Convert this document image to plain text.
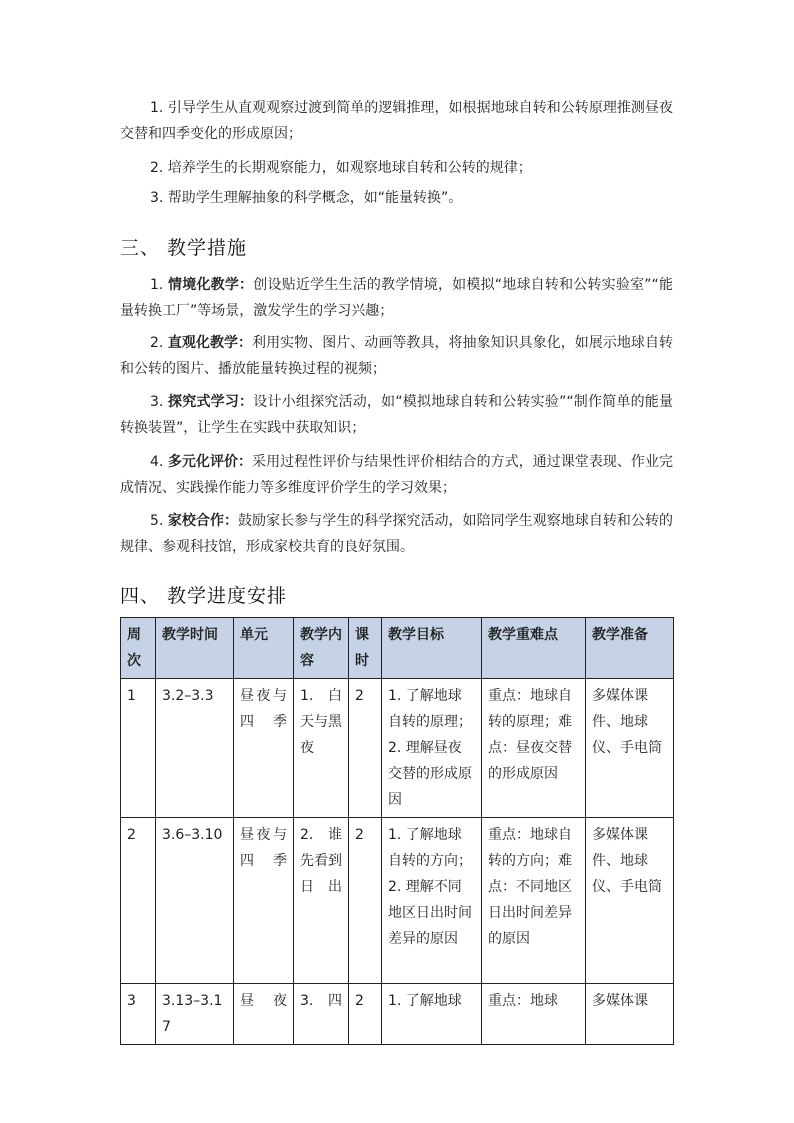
1. 引导学生从直观观察过渡到简单的逻辑推理，如根据地球自转和公转原理推测昼夜交替和四季变化的形成原因；

2. 培养学生的长期观察能力，如观察地球自转和公转的规律；

3. 帮助学生理解抽象的科学概念，如“能量转换”。

三、 教学措施

1. 情境化教学：创设贴近学生生活的教学情境，如模拟“地球自转和公转实验室”“能量转换工厂”等场景，激发学生的学习兴趣；

2. 直观化教学：利用实物、图片、动画等教具，将抽象知识具象化，如展示地球自转和公转的图片、播放能量转换过程的视频；

3. 探究式学习：设计小组探究活动，如“模拟地球自转和公转实验”“制作简单的能量转换装置”，让学生在实践中获取知识；

4. 多元化评价：采用过程性评价与结果性评价相结合的方式，通过课堂表现、作业完成情况、实践操作能力等多维度评价学生的学习效果；

5. 家校合作：鼓励家长参与学生的科学探究活动，如陪同学生观察地球自转和公转的规律、参观科技馆，形成家校共育的良好氛围。

四、 教学进度安排
周次	教学时间	单元	教学内容	课时	教学目标	教学重难点	教学准备
1	3.2–3.3	昼夜与四季	1. 白天与黑夜	2	1. 了解地球自转的原理；2. 理解昼夜交替的形成原因	重点：地球自转的原理；难点：昼夜交替的形成原因	多媒体课件、地球仪、手电筒
2	3.6–3.10	昼夜与四季	2. 谁先看到日出	2	1. 了解地球自转的方向；2. 理解不同地区日出时间差异的原因	重点：地球自转的方向；难点：不同地区日出时间差异的原因	多媒体课件、地球仪、手电筒
3	3.13–3.17	昼夜	3. 四	2	1. 了解地球	重点：地球	多媒体课
